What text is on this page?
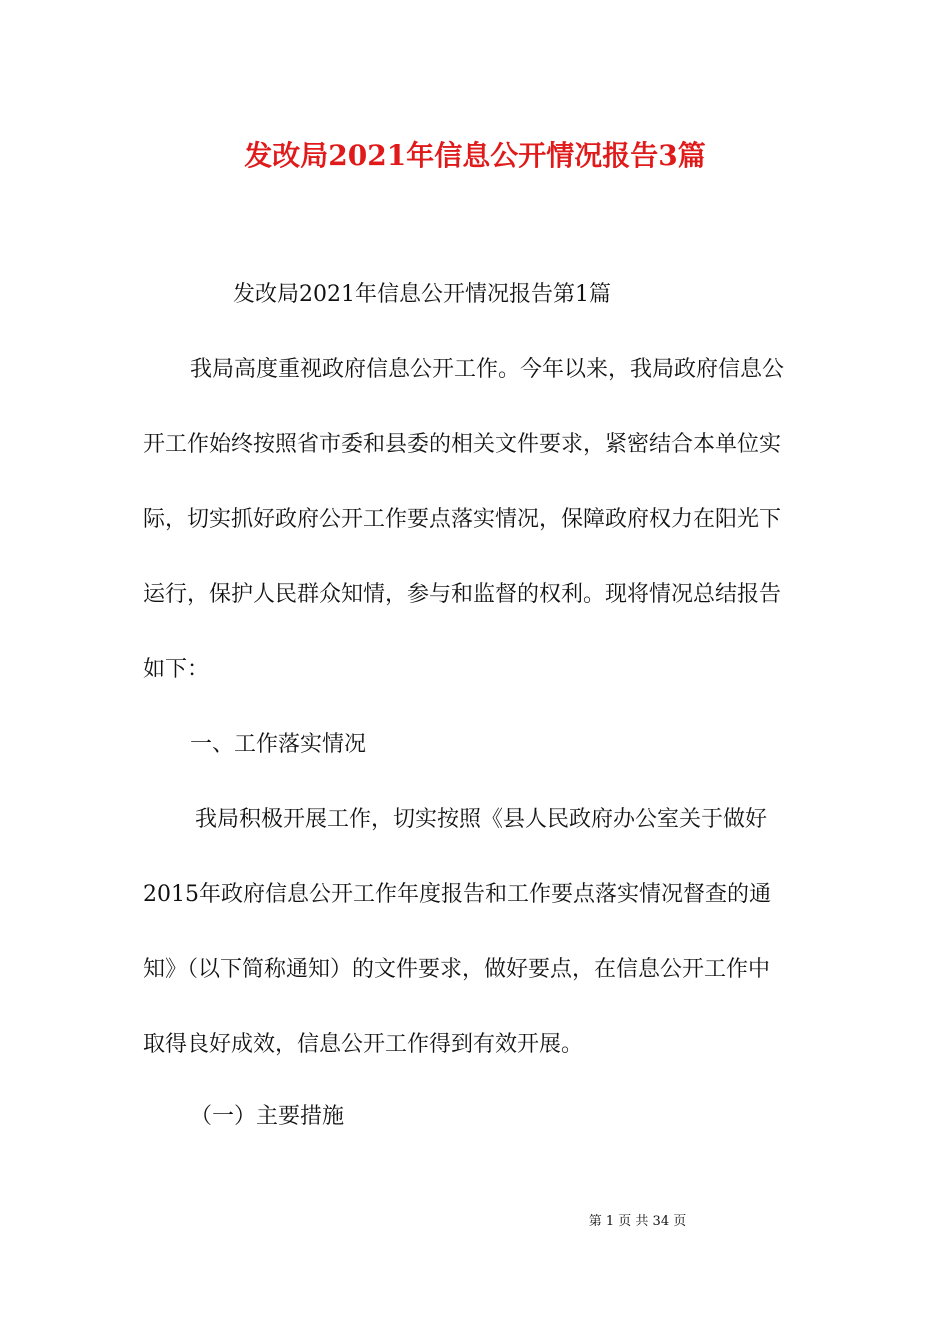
发改局2021年信息公开情况报告3篇
发改局2021年信息公开情况报告第1篇
我局高度重视政府信息公开工作。今年以来，我局政府信息公
开工作始终按照省市委和县委的相关文件要求，紧密结合本单位实
际，切实抓好政府公开工作要点落实情况，保障政府权力在阳光下
运行，保护人民群众知情，参与和监督的权利。现将情况总结报告
如下：
一、工作落实情况
我局积极开展工作，切实按照《县人民政府办公室关于做好
2015年政府信息公开工作年度报告和工作要点落实情况督查的通
知》（以下简称通知）的文件要求，做好要点，在信息公开工作中
取得良好成效，信息公开工作得到有效开展。
（一）主要措施
第 1 页 共 34 页
